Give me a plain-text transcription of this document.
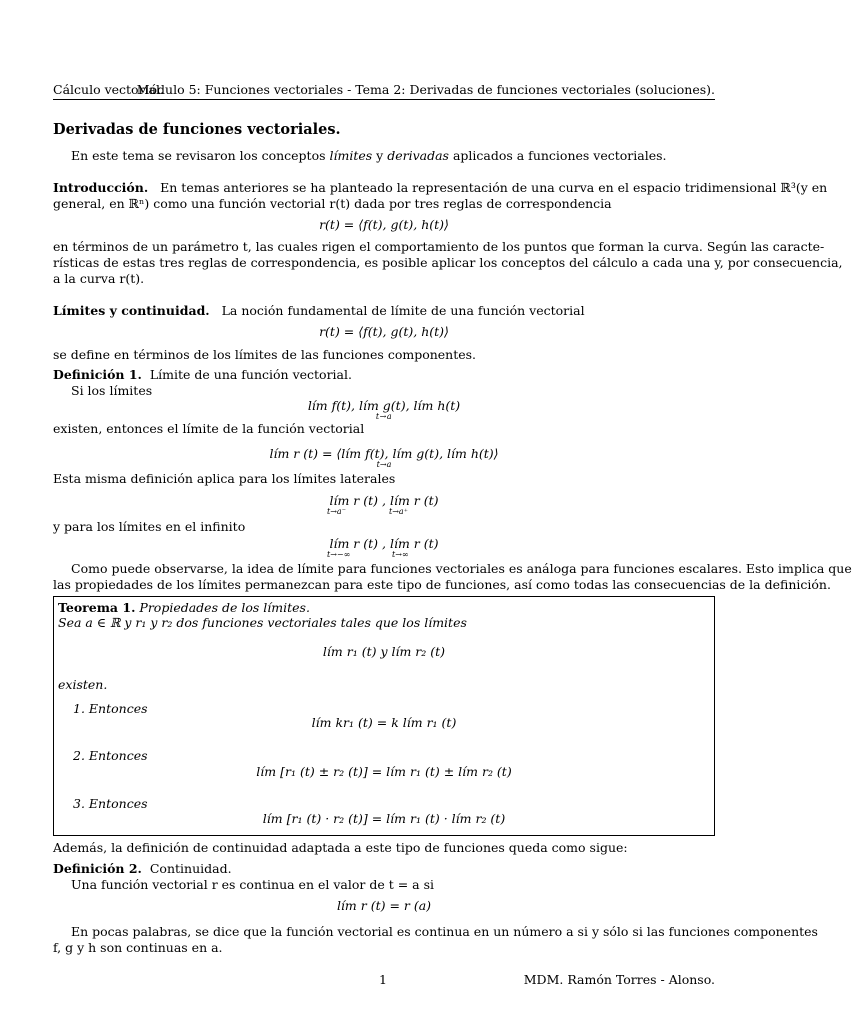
Cálculo vectorial.
Módulo 5: Funciones vectoriales - Tema 2: Derivadas de funciones vectoriales (soluciones).
Derivadas de funciones vectoriales.
En este tema se revisaron los conceptos límites y derivadas aplicados a funciones vectoriales.
Introducción. En temas anteriores se ha planteado la representación de una curva en el espacio tridimensional ℝ³(y en
general, en ℝⁿ) como una función vectorial r(t) dada por tres reglas de correspondencia
r(t) = ⟨f(t), g(t), h(t)⟩
en términos de un parámetro t, las cuales rigen el comportamiento de los puntos que forman la curva. Según las caracte-
rísticas de estas tres reglas de correspondencia, es posible aplicar los conceptos del cálculo a cada una y, por consecuencia,
a la curva r(t).
Límites y continuidad. La noción fundamental de límite de una función vectorial
r(t) = ⟨f(t), g(t), h(t)⟩
se define en términos de los límites de las funciones componentes.
Definición 1. Límite de una función vectorial.
Si los límites
lím f(t), lím g(t), lím h(t)
t→a
existen, entonces el límite de la función vectorial
lím r (t) = ⟨lím f(t), lím g(t), lím h(t)⟩
t→a
Esta misma definición aplica para los límites laterales
lím r (t) , lím r (t)
t→a⁻	t→a⁺
y para los límites en el infinito
lím r (t) , lím r (t)
t→−∞	t→∞
Como puede observarse, la idea de límite para funciones vectoriales es análoga para funciones escalares. Esto implica que
las propiedades de los límites permanezcan para este tipo de funciones, así como todas las consecuencias de la definición.
Teorema 1. Propiedades de los límites.
Sea a ∈ ℝ y r₁ y r₂ dos funciones vectoriales tales que los límites
lím r₁ (t) y lím r₂ (t)
existen.
1. Entonces
lím kr₁ (t) = k lím r₁ (t)
2. Entonces
lím [r₁ (t) ± r₂ (t)] = lím r₁ (t) ± lím r₂ (t)
3. Entonces
lím [r₁ (t) · r₂ (t)] = lím r₁ (t) · lím r₂ (t)
Además, la definición de continuidad adaptada a este tipo de funciones queda como sigue:
Definición 2. Continuidad.
Una función vectorial r es continua en el valor de t = a si
lím r (t) = r (a)
En pocas palabras, se dice que la función vectorial es continua en un número a si y sólo si las funciones componentes
f, g y h son continuas en a.
1	MDM. Ramón Torres - Alonso.
